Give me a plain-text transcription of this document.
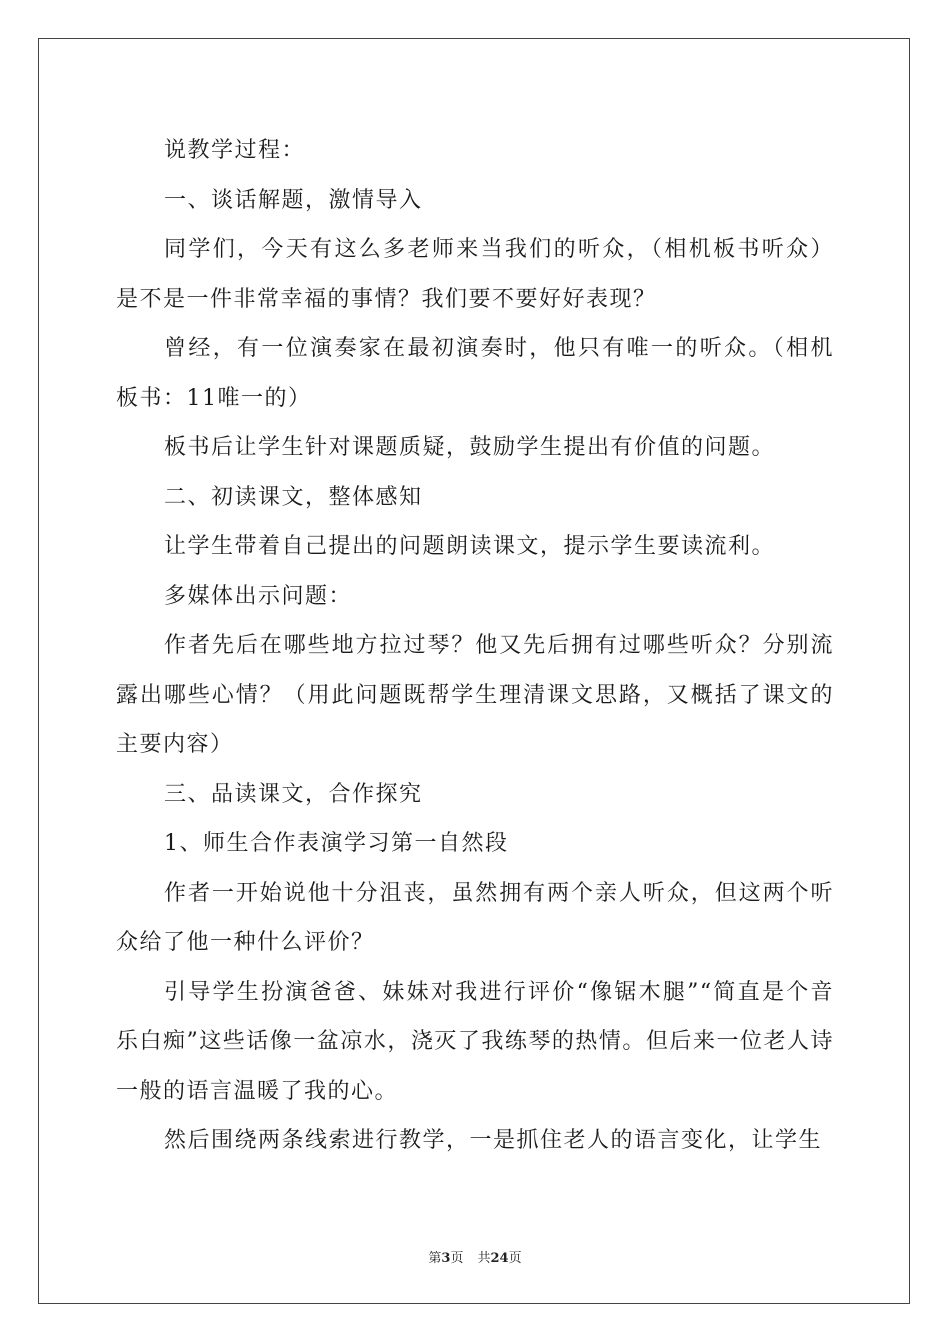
说教学过程：

一、谈话解题，激情导入

同学们，今天有这么多老师来当我们的听众，（相机板书听众）是不是一件非常幸福的事情？我们要不要好好表现？

曾经，有一位演奏家在最初演奏时，他只有唯一的听众。（相机板书：11唯一的）

板书后让学生针对课题质疑，鼓励学生提出有价值的问题。

二、初读课文，整体感知

让学生带着自己提出的问题朗读课文，提示学生要读流利。

多媒体出示问题：

作者先后在哪些地方拉过琴？他又先后拥有过哪些听众？分别流露出哪些心情？（用此问题既帮学生理清课文思路，又概括了课文的主要内容）

三、品读课文，合作探究

1、师生合作表演学习第一自然段

作者一开始说他十分沮丧，虽然拥有两个亲人听众，但这两个听众给了他一种什么评价？

引导学生扮演爸爸、妹妹对我进行评价“像锯木腿”“简直是个音乐白痴”这些话像一盆凉水，浇灭了我练琴的热情。但后来一位老人诗一般的语言温暖了我的心。

然后围绕两条线索进行教学，一是抓住老人的语言变化，让学生

第3页 共24页
